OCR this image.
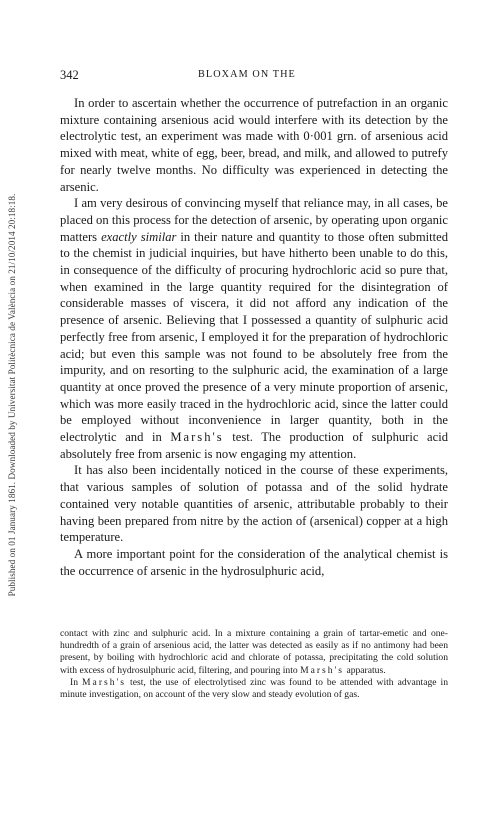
Published on 01 January 1861. Downloaded by Universitat Politècnica de València on 21/10/2014 20:18:18.
342	BLOXAM ON THE

In order to ascertain whether the occurrence of putrefaction in an organic mixture containing arsenious acid would interfere with its detection by the electrolytic test, an experiment was made with 0·001 grn. of arsenious acid mixed with meat, white of egg, beer, bread, and milk, and allowed to putrefy for nearly twelve months. No difficulty was experienced in detecting the arsenic.

I am very desirous of convincing myself that reliance may, in all cases, be placed on this process for the detection of arsenic, by operating upon organic matters exactly similar in their nature and quantity to those often submitted to the chemist in judicial inquiries, but have hitherto been unable to do this, in consequence of the difficulty of procuring hydrochloric acid so pure that, when examined in the large quantity required for the disintegration of considerable masses of viscera, it did not afford any indication of the presence of arsenic. Believing that I possessed a quantity of sulphuric acid perfectly free from arsenic, I employed it for the preparation of hydrochloric acid; but even this sample was not found to be absolutely free from the impurity, and on resorting to the sulphuric acid, the examination of a large quantity at once proved the presence of a very minute proportion of arsenic, which was more easily traced in the hydrochloric acid, since the latter could be employed without inconvenience in larger quantity, both in the electrolytic and in Marsh's test. The production of sulphuric acid absolutely free from arsenic is now engaging my attention.

It has also been incidentally noticed in the course of these experiments, that various samples of solution of potassa and of the solid hydrate contained very notable quantities of arsenic, attributable probably to their having been prepared from nitre by the action of (arsenical) copper at a high temperature.

A more important point for the consideration of the analytical chemist is the occurrence of arsenic in the hydrosulphuric acid,

contact with zinc and sulphuric acid. In a mixture containing a grain of tartar-emetic and one-hundredth of a grain of arsenious acid, the latter was detected as easily as if no antimony had been present, by boiling with hydrochloric acid and chlorate of potassa, precipitating the cold solution with excess of hydrosulphuric acid, filtering, and pouring into Marsh's apparatus.

In Marsh's test, the use of electrolytised zinc was found to be attended with advantage in minute investigation, on account of the very slow and steady evolution of gas.
